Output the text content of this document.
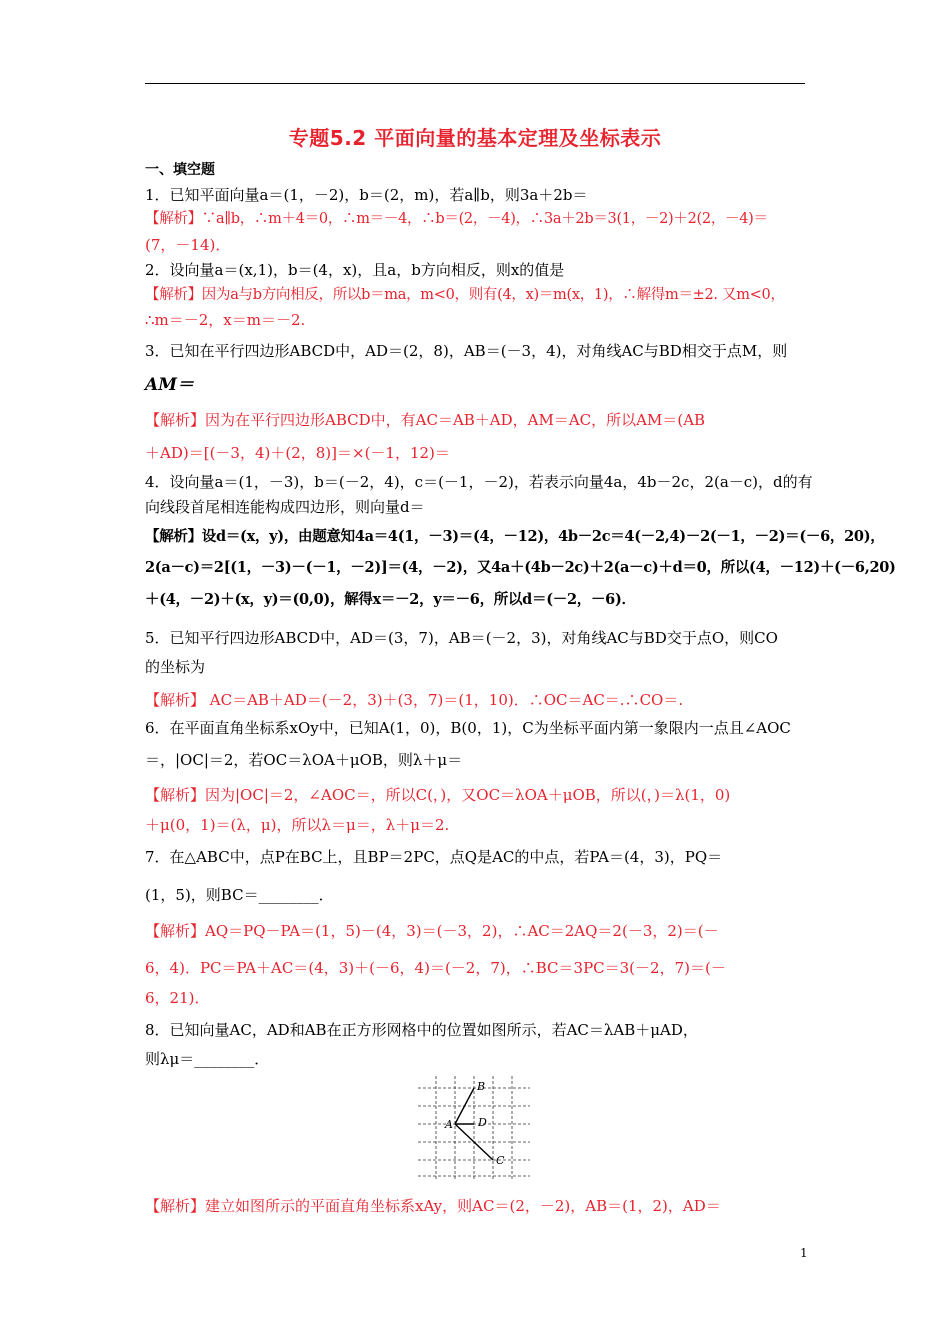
专题5.2 平面向量的基本定理及坐标表示
一、填空题
1．已知平面向量a＝(1，－2)，b＝(2，m)，若a∥b，则3a＋2b＝
【解析】∵a∥b，∴m＋4＝0，∴m＝－4，∴b＝(2，－4)，∴3a＋2b＝3(1，－2)＋2(2，－4)＝
(7，－14)．
2．设向量a＝(x,1)，b＝(4，x)，且a，b方向相反，则x的值是
【解析】因为a与b方向相反，所以b＝ma，m<0，则有(4，x)＝m(x，1)，∴解得m＝±2. 又m<0，
∴m＝－2，x＝m＝－2.
3．已知在平行四边形ABCD中，AD＝(2，8)，AB＝(－3，4)，对角线AC与BD相交于点M，则
AM＝
【解析】因为在平行四边形ABCD中，有AC＝AB＋AD，AM＝AC，所以AM＝(AB
＋AD)＝[(－3，4)＋(2，8)]＝×(－1，12)＝
4．设向量a＝(1，－3)，b＝(－2，4)，c＝(－1，－2)，若表示向量4a，4b－2c，2(a－c)，d的有
向线段首尾相连能构成四边形，则向量d＝
【解析】设d＝(x，y)，由题意知4a＝4(1，－3)＝(4，－12)，4b－2c＝4(－2,4)－2(－1，－2)＝(－6，20)，
2(a－c)＝2[(1，－3)－(－1，－2)]＝(4，－2)，又4a＋(4b－2c)＋2(a－c)＋d＝0，所以(4，－12)＋(－6,20)
＋(4，－2)＋(x，y)＝(0,0)，解得x＝－2，y＝－6，所以d＝(－2，－6)．
5．已知平行四边形ABCD中，AD＝(3，7)，AB＝(－2，3)，对角线AC与BD交于点O，则CO
的坐标为
【解析】 AC＝AB＋AD＝(－2，3)＋(3，7)＝(1，10)．∴OC＝AC＝.∴CO＝.
6．在平面直角坐标系xOy中，已知A(1，0)，B(0，1)，C为坐标平面内第一象限内一点且∠AOC
＝，|OC|＝2，若OC＝λOA＋μOB，则λ＋μ＝
【解析】因为|OC|＝2，∠AOC＝，所以C(，)，又OC＝λOA＋μOB，所以(，)＝λ(1，0)
＋μ(0，1)＝(λ，μ)，所以λ＝μ＝，λ＋μ＝2.
7．在△ABC中，点P在BC上，且BP＝2PC，点Q是AC的中点，若PA＝(4，3)，PQ＝
(1，5)，则BC＝________．
【解析】AQ＝PQ－PA＝(1，5)－(4，3)＝(－3，2)，∴AC＝2AQ＝2(－3，2)＝(－
6，4)．PC＝PA＋AC＝(4，3)＋(－6，4)＝(－2，7)，∴BC＝3PC＝3(－2，7)＝(－
6，21)．
8．已知向量AC，AD和AB在正方形网格中的位置如图所示，若AC＝λAB＋μAD，
则λμ＝________．
A
B
C
D
【解析】建立如图所示的平面直角坐标系xAy，则AC＝(2，－2)，AB＝(1，2)，AD＝
1
